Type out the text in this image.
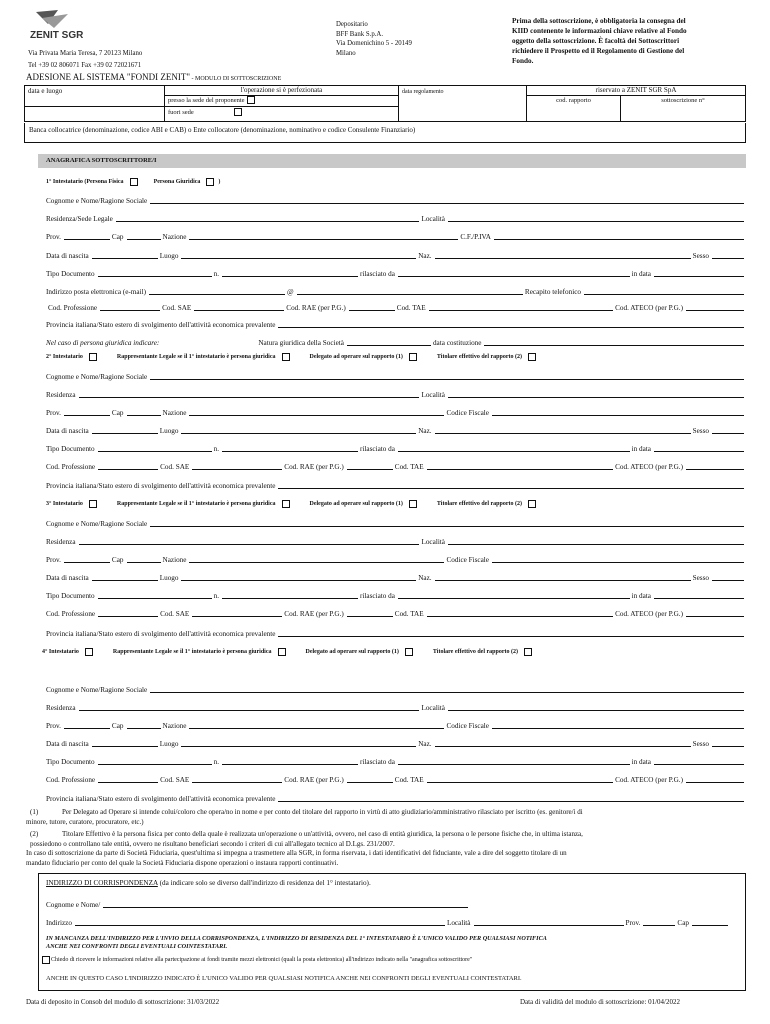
ZENIT SGR
Via Privata Maria Teresa, 7 20123 Milano
Tel +39 02 806071 Fax +39 02 72021671
Depositario
BFF Bank S.p.A.
Via Domenichino 5 - 20149
Milano
Prima della sottoscrizione, è obbligatoria la consegna del
KIID contenente le informazioni chiave relative al Fondo
oggetto della sottoscrizione. È facoltà dei Sottoscrittori
richiedere il Prospetto ed il Regolamento di Gestione del
Fondo.
ADESIONE AL SISTEMA "FONDI ZENIT" - MODULO DI SOTTOSCRIZIONE
data e luogo	l'operazione si è perfezionata	data regolamento	riservato a ZENIT SGR SpA	
	presso la sede del proponente		cod. rapporto	sottoscrizione n°
	fuori sede			
Banca collocatrice (denominazione, codice ABI e CAB) o Ente collocatore (denominazione, nominativo e codice Consulente Finanziario)
ANAGRAFICA SOTTOSCRITTORE/I
1° Intestatario (Persona Fisica	Persona Giuridica	)
Cognome e Nome/Ragione Sociale
Residenza/Sede Legale	Località
Prov.	Cap	Nazione	C.F./P.IVA
Data di nascita	Luogo	Naz.	Sesso
Tipo Documento	n.	rilasciato da	in data
Indirizzo posta elettronica (e-mail)	@	Recapito telefonico
Cod. Professione	Cod. SAE	Cod. RAE (per P.G.)	Cod. TAE	Cod. ATECO (per P.G.)
Provincia italiana/Stato estero di svolgimento dell'attività economica prevalente
Nel caso di persona giuridica indicare:	Natura giuridica della Società	data costituzione
2° Intestatario	Rappresentante Legale se il 1° intestatario è persona giuridica	Delegato ad operare sul rapporto (1)	Titolare effettivo del rapporto (2)
Cognome e Nome/Ragione Sociale
Residenza	Località
Prov.	Cap	Nazione	Codice Fiscale
Data di nascita	Luogo	Naz.	Sesso
Tipo Documento	n.	rilasciato da	in data
Cod. Professione	Cod. SAE	Cod. RAE (per P.G.)	Cod. TAE	Cod. ATECO (per P.G.)
Provincia italiana/Stato estero di svolgimento dell'attività economica prevalente
3° Intestatario	Rappresentante Legale se il 1° intestatario è persona giuridica	Delegato ad operare sul rapporto (1)	Titolare effettivo del rapporto (2)
Cognome e Nome/Ragione Sociale
Residenza	Località
Prov.	Cap	Nazione	Codice Fiscale
Data di nascita	Luogo	Naz.	Sesso
Tipo Documento	n.	rilasciato da	in data
Cod. Professione	Cod. SAE	Cod. RAE (per P.G.)	Cod. TAE	Cod. ATECO (per P.G.)
Provincia italiana/Stato estero di svolgimento dell'attività economica prevalente
4° Intestatario	Rappresentante Legale se il 1° intestatario è persona giuridica	Delegato ad operare sul rapporto (1)	Titolare effettivo del rapporto (2)
Cognome e Nome/Ragione Sociale
Residenza	Località
Prov.	Cap	Nazione	Codice Fiscale
Data di nascita	Luogo	Naz.	Sesso
Tipo Documento	n.	rilasciato da	in data
Cod. Professione	Cod. SAE	Cod. RAE (per P.G.)	Cod. TAE	Cod. ATECO (per P.G.)
Provincia italiana/Stato estero di svolgimento dell'attività economica prevalente
(1)	Per Delegato ad Operare si intende colui/coloro che opera/no in nome e per conto del titolare del rapporto in virtù di atto giudiziario/amministrativo rilasciato per iscritto (es. genitore/i di
minore, tutore, curatore, procuratore, etc.)
(2)	Titolare Effettivo è la persona fisica per conto della quale è realizzata un'operazione o un'attività, ovvero, nel caso di entità giuridica, la persona o le persone fisiche che, in ultima istanza,
possiedono o controllano tale entità, ovvero ne risultano beneficiari secondo i criteri di cui all'allegato tecnico al D.Lgs. 231/2007.
In caso di sottoscrizione da parte di Società Fiduciaria, quest'ultima si impegna a trasmettere alla SGR, in forma riservata, i dati identificativi del fiduciante, vale a dire del soggetto titolare di un
mandato fiduciario per conto del quale la Società Fiduciaria dispone operazioni o instaura rapporti continuativi.
INDIRIZZO DI CORRISPONDENZA (da indicare solo se diverso dall'indirizzo di residenza del 1° intestatario).
Cognome e Nome/
Indirizzo	Località	Prov.	Cap
IN MANCANZA DELL'INDIRIZZO PER L'INVIO DELLA CORRISPONDENZA, L'INDIRIZZO DI RESIDENZA DEL 1° INTESTATARIO È L'UNICO VALIDO PER QUALSIASI NOTIFICA
ANCHE NEI CONFRONTI DEGLI EVENTUALI COINTESTATARI.
Chiedo di ricevere le informazioni relative alla partecipazione ai fondi tramite mezzi elettronici (quali la posta elettronica) all'indirizzo indicato nella "anagrafica sottoscrittore"
ANCHE IN QUESTO CASO L'INDIRIZZO INDICATO È L'UNICO VALIDO PER QUALSIASI NOTIFICA ANCHE NEI CONFRONTI DEGLI EVENTUALI COINTESTATARI.
Data di deposito in Consob del modulo di sottoscrizione: 31/03/2022	Data di validità del modulo di sottoscrizione: 01/04/2022
